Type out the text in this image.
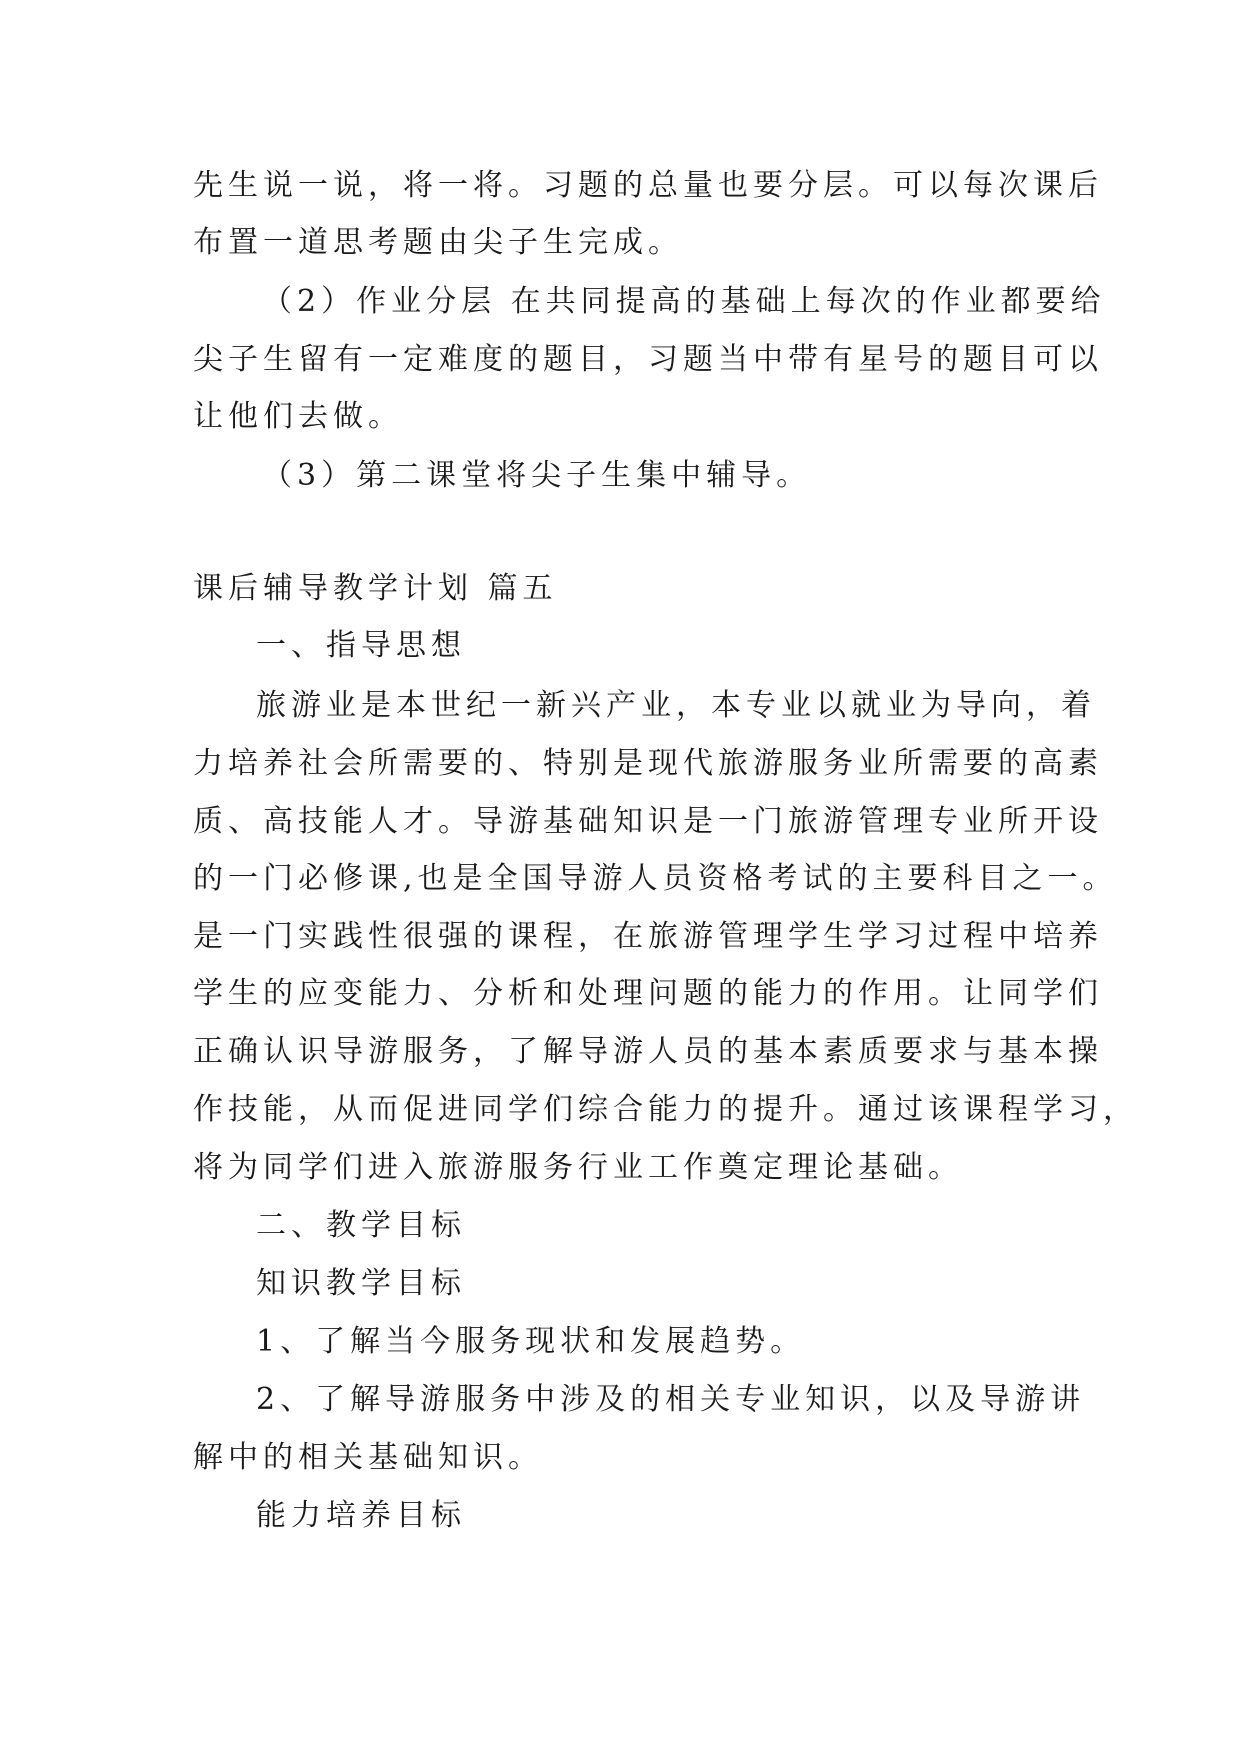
先生说一说，将一将。习题的总量也要分层。可以每次课后
布置一道思考题由尖子生完成。
（2）作业分层 在共同提高的基础上每次的作业都要给
尖子生留有一定难度的题目，习题当中带有星号的题目可以
让他们去做。
（3）第二课堂将尖子生集中辅导。
课后辅导教学计划 篇五
一、指导思想
旅游业是本世纪一新兴产业，本专业以就业为导向，着
力培养社会所需要的、特别是现代旅游服务业所需要的高素
质、高技能人才。导游基础知识是一门旅游管理专业所开设
的一门必修课,也是全国导游人员资格考试的主要科目之一。
是一门实践性很强的课程，在旅游管理学生学习过程中培养
学生的应变能力、分析和处理问题的能力的作用。让同学们
正确认识导游服务，了解导游人员的基本素质要求与基本操
作技能，从而促进同学们综合能力的提升。通过该课程学习，
将为同学们进入旅游服务行业工作奠定理论基础。
二、教学目标
知识教学目标
1、了解当今服务现状和发展趋势。
2、了解导游服务中涉及的相关专业知识，以及导游讲
解中的相关基础知识。
能力培养目标
